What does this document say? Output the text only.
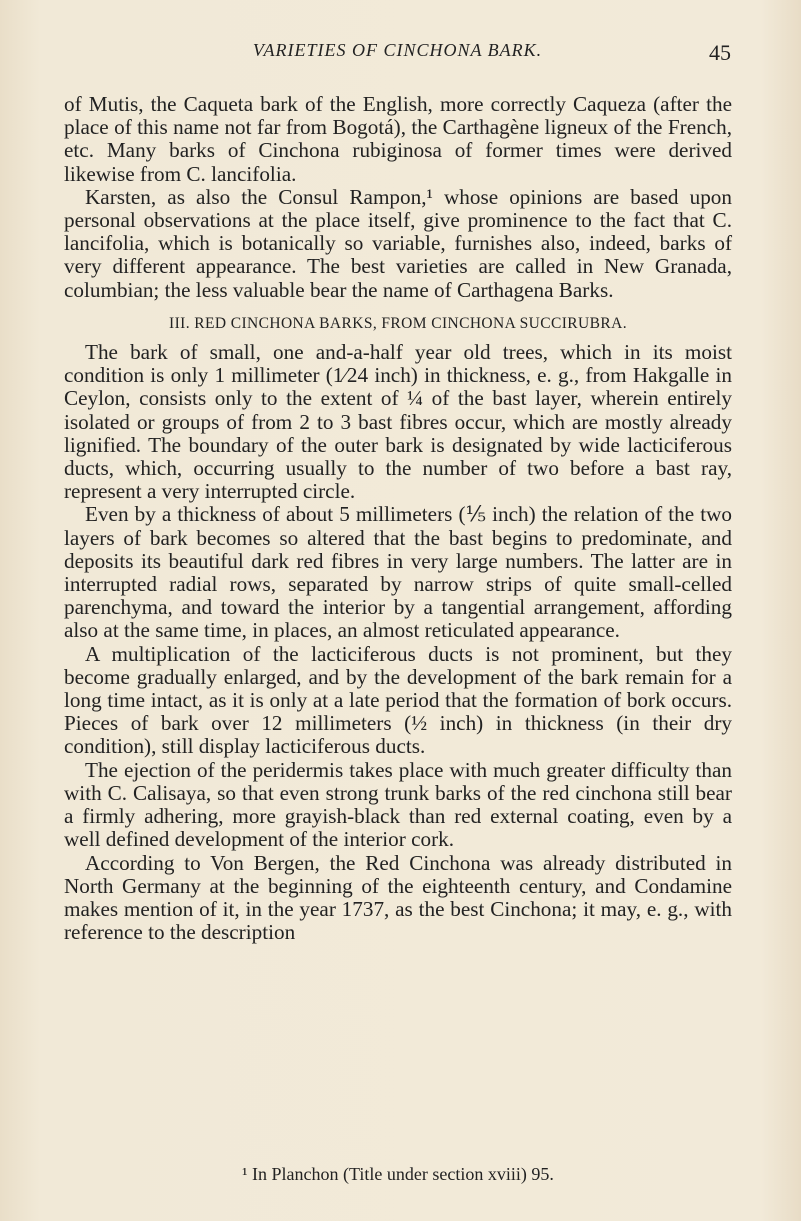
VARIETIES OF CINCHONA BARK.	45

of Mutis, the Caqueta bark of the English, more correctly Caqueza (after the place of this name not far from Bogotá), the Carthagène ligneux of the French, etc. Many barks of Cinchona rubiginosa of former times were derived likewise from C. lancifolia.

Karsten, as also the Consul Rampon,¹ whose opinions are based upon personal observations at the place itself, give prominence to the fact that C. lancifolia, which is botanically so variable, furnishes also, indeed, barks of very different appearance. The best varieties are called in New Granada, columbian; the less valuable bear the name of Carthagena Barks.

III. RED CINCHONA BARKS, FROM CINCHONA SUCCIRUBRA.

The bark of small, one and-a-half year old trees, which in its moist condition is only 1 millimeter (1⁄24 inch) in thickness, e. g., from Hakgalle in Ceylon, consists only to the extent of ¼ of the bast layer, wherein entirely isolated or groups of from 2 to 3 bast fibres occur, which are mostly already lignified. The boundary of the outer bark is designated by wide lacticiferous ducts, which, occurring usually to the number of two before a bast ray, represent a very interrupted circle.

Even by a thickness of about 5 millimeters (⅕ inch) the relation of the two layers of bark becomes so altered that the bast begins to predominate, and deposits its beautiful dark red fibres in very large numbers. The latter are in interrupted radial rows, separated by narrow strips of quite small-celled parenchyma, and toward the interior by a tangential arrangement, affording also at the same time, in places, an almost reticulated appearance.

A multiplication of the lacticiferous ducts is not prominent, but they become gradually enlarged, and by the development of the bark remain for a long time intact, as it is only at a late period that the formation of bork occurs. Pieces of bark over 12 millimeters (½ inch) in thickness (in their dry condition), still display lacticiferous ducts.

The ejection of the peridermis takes place with much greater difficulty than with C. Calisaya, so that even strong trunk barks of the red cinchona still bear a firmly adhering, more grayish-black than red external coating, even by a well defined development of the interior cork.

According to Von Bergen, the Red Cinchona was already distributed in North Germany at the beginning of the eighteenth century, and Condamine makes mention of it, in the year 1737, as the best Cinchona; it may, e. g., with reference to the description

¹ In Planchon (Title under section xviii) 95.
